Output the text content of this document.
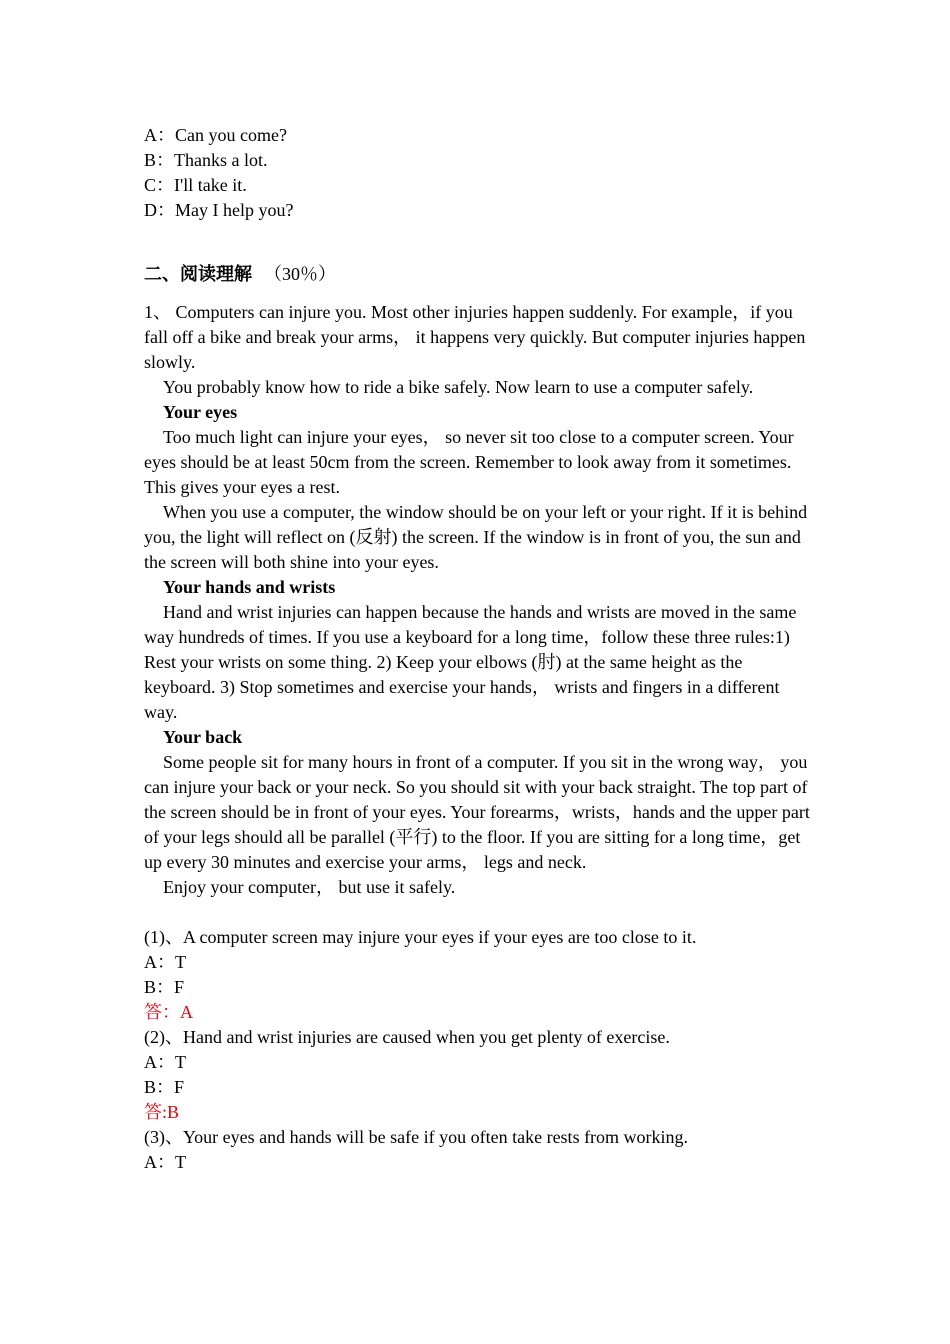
A：Can you come?
B：Thanks a lot.
C：I'll take it.
D：May I help you?
二、阅读理解 （30％）

1、 Computers can injure you. Most other injuries happen suddenly. For example，if you fall off a bike and break your arms， it happens very quickly. But computer injuries happen slowly.

You probably know how to ride a bike safely. Now learn to use a computer safely.

Your eyes

Too much light can injure your eyes， so never sit too close to a computer screen. Your eyes should be at least 50cm from the screen. Remember to look away from it sometimes. This gives your eyes a rest.

When you use a computer, the window should be on your left or your right. If it is behind you, the light will reflect on (反射) the screen. If the window is in front of you, the sun and the screen will both shine into your eyes.

Your hands and wrists

Hand and wrist injuries can happen because the hands and wrists are moved in the same way hundreds of times. If you use a keyboard for a long time，follow these three rules:1) Rest your wrists on some thing. 2) Keep your elbows (肘) at the same height as the keyboard. 3) Stop sometimes and exercise your hands， wrists and fingers in a different way.

Your back

Some people sit for many hours in front of a computer. If you sit in the wrong way， you can injure your back or your neck. So you should sit with your back straight. The top part of the screen should be in front of your eyes. Your forearms，wrists，hands and the upper part of your legs should all be parallel (平行) to the floor. If you are sitting for a long time，get up every 30 minutes and exercise your arms， legs and neck.

Enjoy your computer， but use it safely.

(1)、A computer screen may injure your eyes if your eyes are too close to it.
A：T
B：F
答：A
(2)、Hand and wrist injuries are caused when you get plenty of exercise.
A：T
B：F
答:B
(3)、Your eyes and hands will be safe if you often take rests from working.
A：T
